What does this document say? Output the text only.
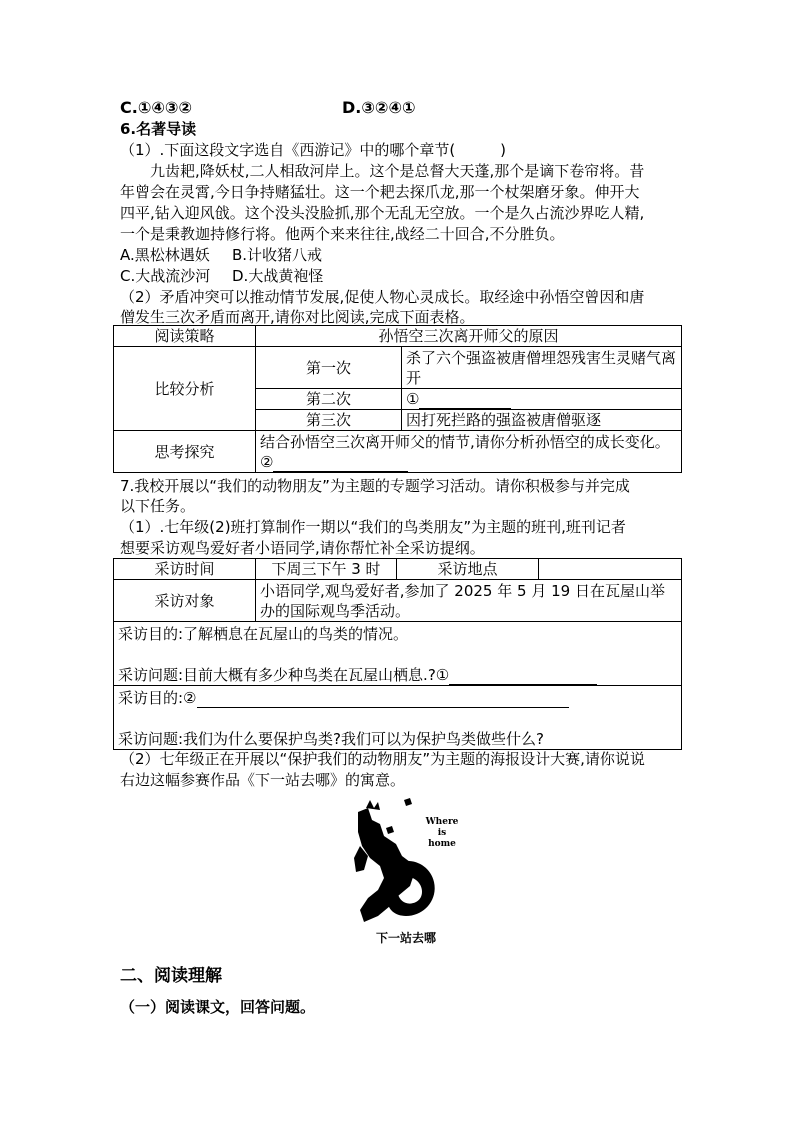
C.①④③②	D.③②④①
6.名著导读
（1）.下面这段文字选自《西游记》中的哪个章节(　　　)
九齿耙,降妖杖,二人相敌河岸上。这个是总督大天蓬,那个是谪下卷帘将。昔
年曾会在灵霄,今日争持赌猛壮。这一个耙去探爪龙,那一个杖架磨牙象。伸开大
四平,钻入迎风戗。这个没头没脸抓,那个无乱无空放。一个是久占流沙界吃人精,
一个是秉教迦持修行将。他两个来来往往,战经二十回合,不分胜负。
A.黑松林遇妖 B.计收猪八戒
C.大战流沙河 D.大战黄袍怪
（2）矛盾冲突可以推动情节发展,促使人物心灵成长。取经途中孙悟空曾因和唐
僧发生三次矛盾而离开,请你对比阅读,完成下面表格。
阅读策略	孙悟空三次离开师父的原因	
比较分析	第一次	杀了六个强盗被唐僧埋怨残害生灵赌气离开
	第二次	①
	第三次	因打死拦路的强盗被唐僧驱逐
思考探究	结合孙悟空三次离开师父的情节,请你分析孙悟空的成长变化。②	
7.我校开展以“我们的动物朋友”为主题的专题学习活动。请你积极参与并完成
以下任务。
（1）.七年级(2)班打算制作一期以“我们的鸟类朋友”为主题的班刊,班刊记者
想要采访观鸟爱好者小语同学,请你帮忙补全采访提纲。
采访时间	下周三下午 3 时	采访地点	
采访对象	小语同学,观鸟爱好者,参加了 2025 年 5 月 19 日在瓦屋山举办的国际观鸟季活动。		

采访目的:了解栖息在瓦屋山的鸟类的情况。
采访问题:目前大概有多少种鸟类在瓦屋山栖息.?①			

采访目的:②
采访问题:我们为什么要保护鸟类?我们可以为保护鸟类做些什么?			
（2）七年级正在开展以“保护我们的动物朋友”为主题的海报设计大赛,请你说说
右边这幅参赛作品《下一站去哪》的寓意。
Where
is
home
下一站去哪
二、阅读理解
（一）阅读课文，回答问题。
